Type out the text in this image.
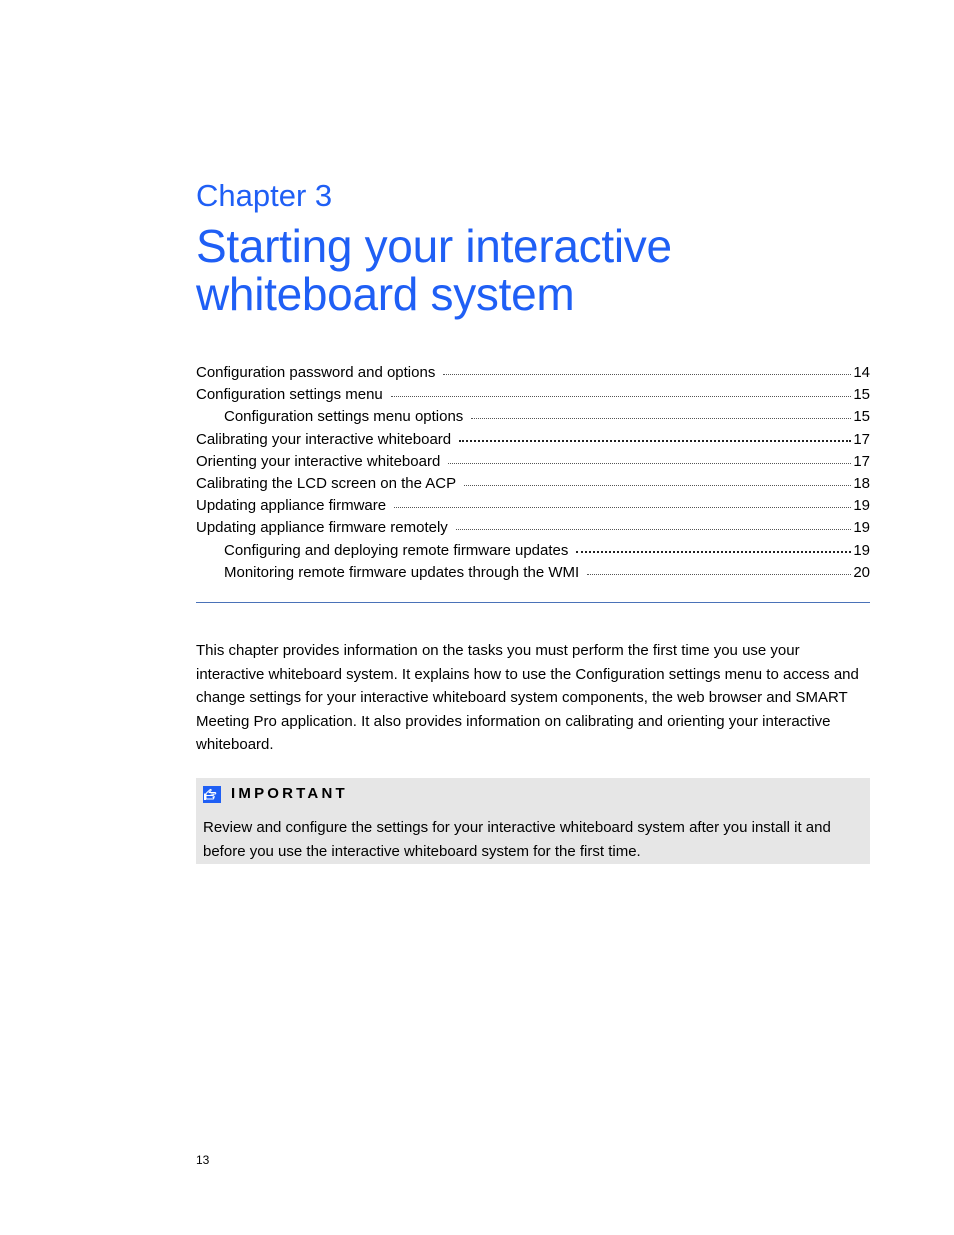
Chapter 3
Starting your interactive
whiteboard system
Configuration password and options	14
Configuration settings menu	15
Configuration settings menu options	15
Calibrating your interactive whiteboard	17
Orienting your interactive whiteboard	17
Calibrating the LCD screen on the ACP	18
Updating appliance firmware	19
Updating appliance firmware remotely	19
Configuring and deploying remote firmware updates	19
Monitoring remote firmware updates through the WMI	20

This chapter provides information on the tasks you must perform the first time you use your interactive whiteboard system. It explains how to use the Configuration settings menu to access and change settings for your interactive whiteboard system components, the web browser and SMART Meeting Pro application. It also provides information on calibrating and orienting your interactive whiteboard.

IMPORTANT

Review and configure the settings for your interactive whiteboard system after you install it and before you use the interactive whiteboard system for the first time.

13
